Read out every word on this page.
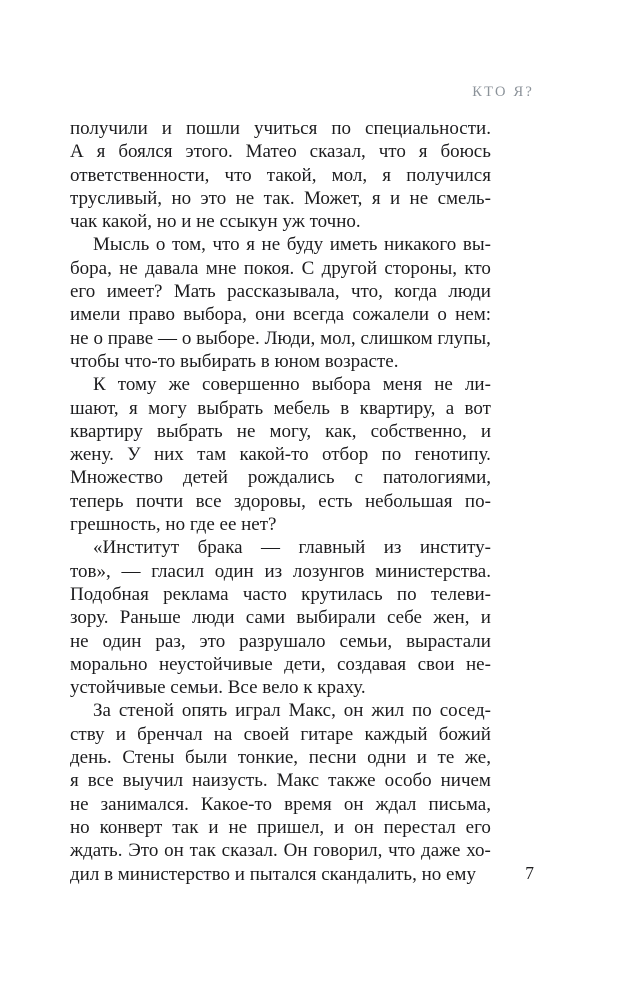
КТО Я?
получили и пошли учиться по специальности.
А я боялся этого. Матео сказал, что я боюсь
ответственности, что такой, мол, я получился
трусливый, но это не так. Может, я и не смель-
чак какой, но и не ссыкун уж точно.
Мысль о том, что я не буду иметь никакого вы-
бора, не давала мне покоя. С другой стороны, кто
его имеет? Мать рассказывала, что, когда люди
имели право выбора, они всегда сожалели о нем:
не о праве — о выборе. Люди, мол, слишком глупы,
чтобы что-то выбирать в юном возрасте.
К тому же совершенно выбора меня не ли-
шают, я могу выбрать мебель в квартиру, а вот
квартиру выбрать не могу, как, собственно, и
жену. У них там какой-то отбор по генотипу.
Множество детей рождались с патологиями,
теперь почти все здоровы, есть небольшая по-
грешность, но где ее нет?
«Институт брака — главный из институ-
тов», — гласил один из лозунгов министерства.
Подобная реклама часто крутилась по телеви-
зору. Раньше люди сами выбирали себе жен, и
не один раз, это разрушало семьи, вырастали
морально неустойчивые дети, создавая свои не-
устойчивые семьи. Все вело к краху.
За стеной опять играл Макс, он жил по сосед-
ству и бренчал на своей гитаре каждый божий
день. Стены были тонкие, песни одни и те же,
я все выучил наизусть. Макс также особо ничем
не занимался. Какое-то время он ждал письма,
но конверт так и не пришел, и он перестал его
ждать. Это он так сказал. Он говорил, что даже хо-
дил в министерство и пытался скандалить, но ему	7
